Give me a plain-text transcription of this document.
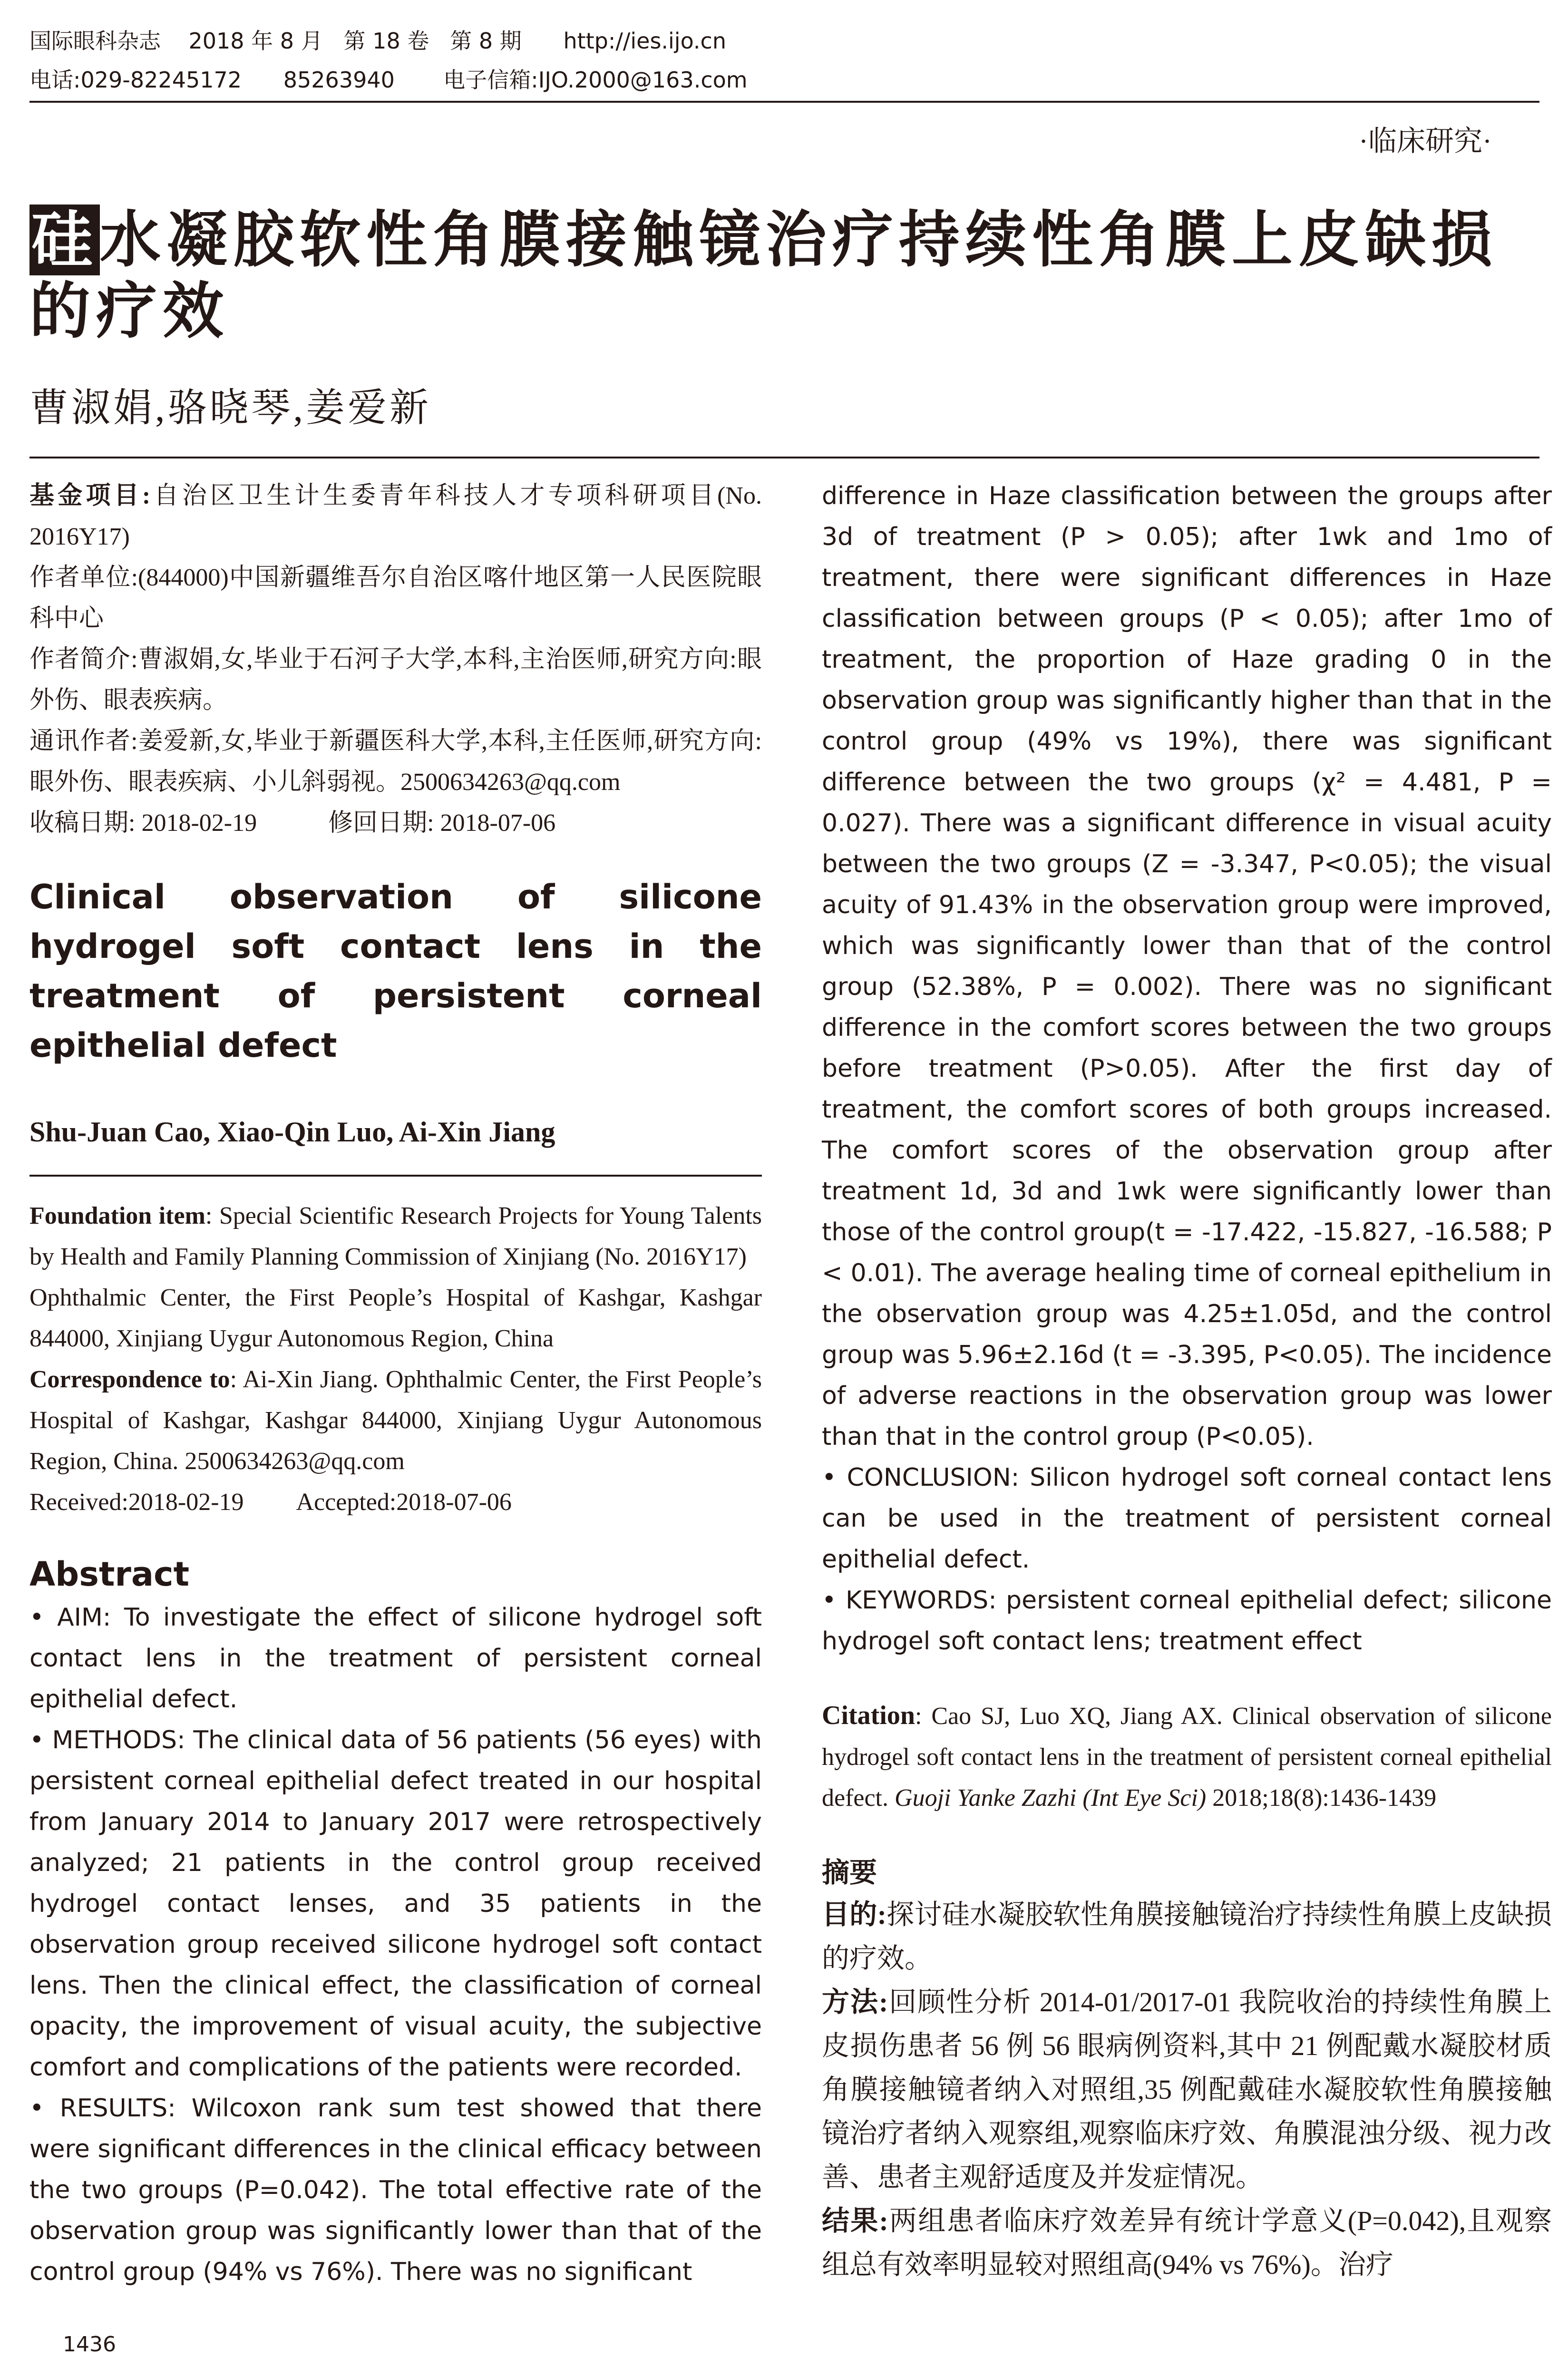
国际眼科杂志    2018 年 8 月   第 18 卷   第 8 期      http://ies.ijo.cn
电话:029-82245172      85263940       电子信箱:IJO.2000@163.com
·临床研究·
硅水凝胶软性角膜接触镜治疗持续性角膜上皮缺损的疗效
曹淑娟,骆晓琴,姜爱新

基金项目:自治区卫生计生委青年科技人才专项科研项目(No. 2016Y17)

作者单位:(844000)中国新疆维吾尔自治区喀什地区第一人民医院眼科中心

作者简介:曹淑娟,女,毕业于石河子大学,本科,主治医师,研究方向:眼外伤、眼表疾病。

通讯作者:姜爱新,女,毕业于新疆医科大学,本科,主任医师,研究方向:眼外伤、眼表疾病、小儿斜弱视。2500634263@qq.com

收稿日期: 2018-02-19	修回日期: 2018-07-06

Clinical observation of silicone hydrogel soft contact lens in the treatment of persistent corneal epithelial defect
Shu-Juan Cao, Xiao-Qin Luo, Ai-Xin Jiang

Foundation item: Special Scientific Research Projects for Young Talents by Health and Family Planning Commission of Xinjiang (No. 2016Y17)

Ophthalmic Center, the First People’s Hospital of Kashgar, Kashgar 844000, Xinjiang Uygur Autonomous Region, China

Correspondence to: Ai-Xin Jiang. Ophthalmic Center, the First People’s Hospital of Kashgar, Kashgar 844000, Xinjiang Uygur Autonomous Region, China. 2500634263@qq.com

Received:2018-02-19 Accepted:2018-07-06

Abstract

• AIM: To investigate the effect of silicone hydrogel soft contact lens in the treatment of persistent corneal epithelial defect.

• METHODS: The clinical data of 56 patients (56 eyes) with persistent corneal epithelial defect treated in our hospital from January 2014 to January 2017 were retrospectively analyzed; 21 patients in the control group received hydrogel contact lenses, and 35 patients in the observation group received silicone hydrogel soft contact lens. Then the clinical effect, the classification of corneal opacity, the improvement of visual acuity, the subjective comfort and complications of the patients were recorded.

• RESULTS: Wilcoxon rank sum test showed that there were significant differences in the clinical efficacy between the two groups (P=0.042). The total effective rate of the observation group was significantly lower than that of the control group (94% vs 76%). There was no significant

difference in Haze classification between the groups after 3d of treatment (P > 0.05); after 1wk and 1mo of treatment, there were significant differences in Haze classification between groups (P < 0.05); after 1mo of treatment, the proportion of Haze grading 0 in the observation group was significantly higher than that in the control group (49% vs 19%), there was significant difference between the two groups (χ² = 4.481, P = 0.027). There was a significant difference in visual acuity between the two groups (Z = -3.347, P<0.05); the visual acuity of 91.43% in the observation group were improved, which was significantly lower than that of the control group (52.38%, P = 0.002). There was no significant difference in the comfort scores between the two groups before treatment (P>0.05). After the first day of treatment, the comfort scores of both groups increased. The comfort scores of the observation group after treatment 1d, 3d and 1wk were significantly lower than those of the control group(t = -17.422, -15.827, -16.588; P < 0.01). The average healing time of corneal epithelium in the observation group was 4.25±1.05d, and the control group was 5.96±2.16d (t = -3.395, P<0.05). The incidence of adverse reactions in the observation group was lower than that in the control group (P<0.05).

• CONCLUSION: Silicon hydrogel soft corneal contact lens can be used in the treatment of persistent corneal epithelial defect.

• KEYWORDS: persistent corneal epithelial defect; silicone hydrogel soft contact lens; treatment effect

Citation: Cao SJ, Luo XQ, Jiang AX. Clinical observation of silicone hydrogel soft contact lens in the treatment of persistent corneal epithelial defect. Guoji Yanke Zazhi (Int Eye Sci) 2018;18(8):1436-1439
摘要

目的:探讨硅水凝胶软性角膜接触镜治疗持续性角膜上皮缺损的疗效。

方法:回顾性分析 2014-01/2017-01 我院收治的持续性角膜上皮损伤患者 56 例 56 眼病例资料,其中 21 例配戴水凝胶材质角膜接触镜者纳入对照组,35 例配戴硅水凝胶软性角膜接触镜治疗者纳入观察组,观察临床疗效、角膜混浊分级、视力改善、患者主观舒适度及并发症情况。

结果:两组患者临床疗效差异有统计学意义(P=0.042),且观察组总有效率明显较对照组高(94% vs 76%)。治疗

1436
